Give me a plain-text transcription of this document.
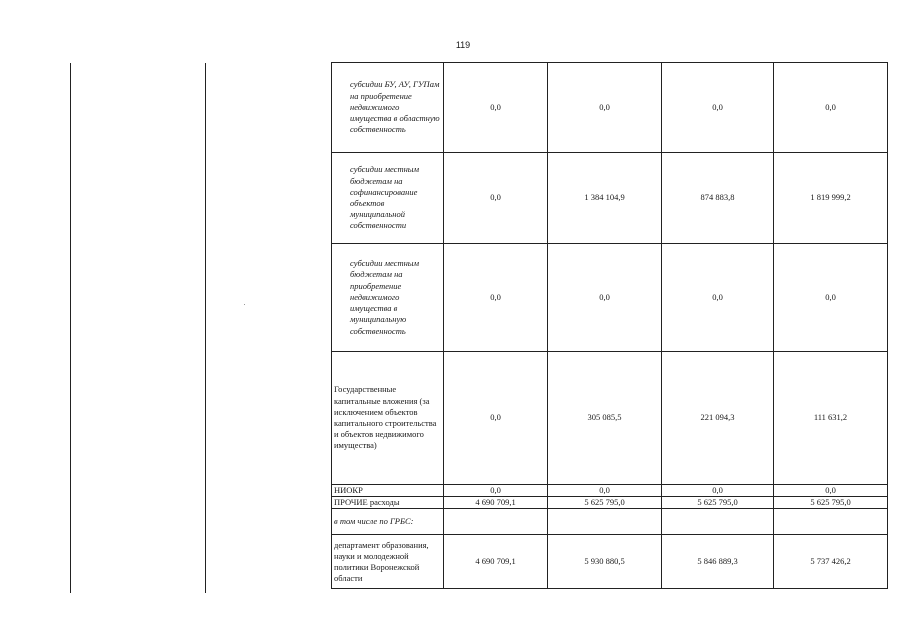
119
субсидии БУ, АУ, ГУПам на приобретение недвижимого имущества в областную собственность	0,0	0,0	0,0	0,0
субсидии местным бюджетам на софинансирование объектов муниципальной собственности	0,0	1 384 104,9	874 883,8	1 819 999,2
субсидии местным бюджетам на приобретение недвижимого имущества в муниципальную собственность	0,0	0,0	0,0	0,0
Государственные капитальные вложения (за исключением объектов капитального строительства и объектов недвижимого имущества)	0,0	305 085,5	221 094,3	111 631,2
НИОКР	0,0	0,0	0,0	0,0
ПРОЧИЕ расходы	4 690 709,1	5 625 795,0	5 625 795,0	5 625 795,0
в том числе по ГРБС:				
департамент образования, науки и молодежной политики Воронежской области	4 690 709,1	5 930 880,5	5 846 889,3	5 737 426,2
